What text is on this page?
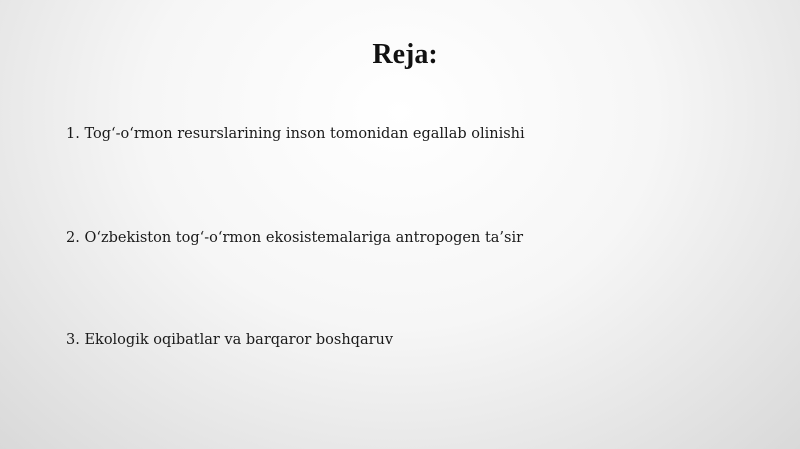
Reja:
1. Tog‘-o‘rmon resurslarining inson tomonidan egallab olinishi
2. O‘zbekiston tog‘-o‘rmon ekosistemalariga antropogen ta’sir
3. Ekologik oqibatlar va barqaror boshqaruv
